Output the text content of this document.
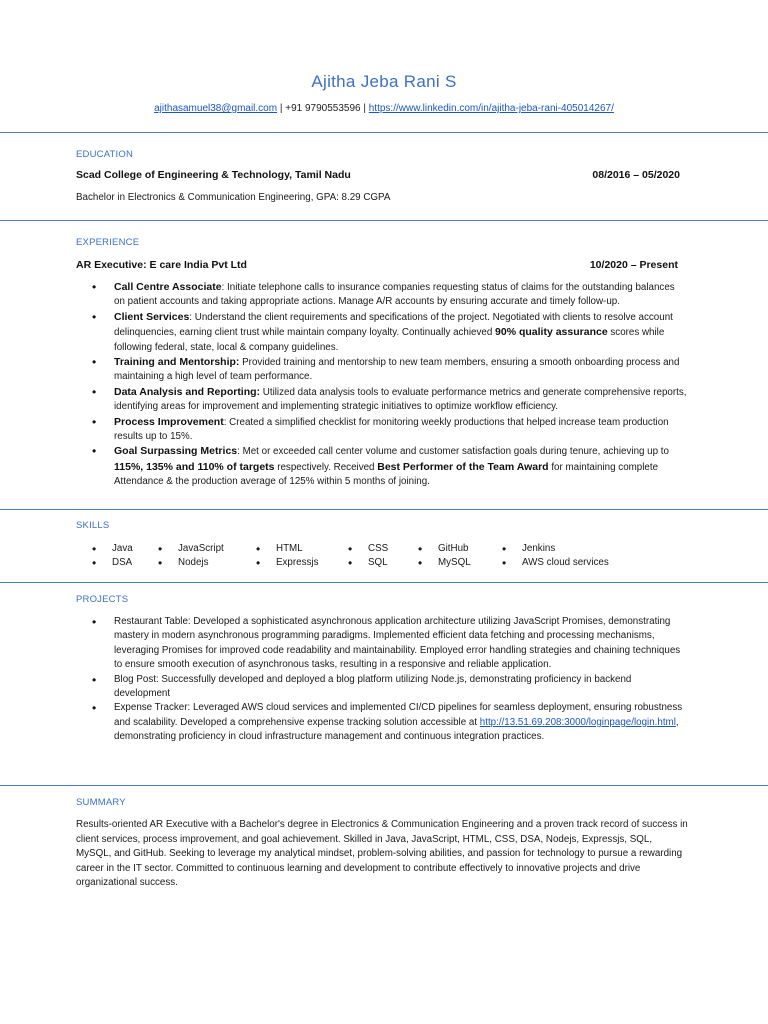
Ajitha Jeba Rani S
ajithasamuel38@gmail.com | +91 9790553596 | https://www.linkedin.com/in/ajitha-jeba-rani-405014267/
EDUCATION
Scad College of Engineering & Technology, Tamil Nadu	08/2016 – 05/2020
Bachelor in Electronics & Communication Engineering, GPA: 8.29 CGPA
EXPERIENCE
AR Executive: E care India Pvt Ltd	10/2020 – Present
• Call Centre Associate: Initiate telephone calls to insurance companies requesting status of claims for the outstanding balances on patient accounts and taking appropriate actions. Manage A/R accounts by ensuring accurate and timely follow-up.
• Client Services: Understand the client requirements and specifications of the project. Negotiated with clients to resolve account delinquencies, earning client trust while maintain company loyalty. Continually achieved 90% quality assurance scores while following federal, state, local & company guidelines.
• Training and Mentorship: Provided training and mentorship to new team members, ensuring a smooth onboarding process and maintaining a high level of team performance.
• Data Analysis and Reporting: Utilized data analysis tools to evaluate performance metrics and generate comprehensive reports, identifying areas for improvement and implementing strategic initiatives to optimize workflow efficiency.
• Process Improvement: Created a simplified checklist for monitoring weekly productions that helped increase team production results up to 15%.
• Goal Surpassing Metrics: Met or exceeded call center volume and customer satisfaction goals during tenure, achieving up to 115%, 135% and 110% of targets respectively. Received Best Performer of the Team Award for maintaining complete Attendance & the production average of 125% within 5 months of joining.
SKILLS
• Java • JavaScript	• HTML	• CSS • GitHub	• Jenkins
• DSA • Nodejs	• Expressjs • SQL	• MySQL	• AWS cloud services
PROJECTS
• Restaurant Table: Developed a sophisticated asynchronous application architecture utilizing JavaScript Promises, demonstrating mastery in modern asynchronous programming paradigms. Implemented efficient data fetching and processing mechanisms, leveraging Promises for improved code readability and maintainability. Employed error handling strategies and chaining techniques to ensure smooth execution of asynchronous tasks, resulting in a responsive and reliable application.
• Blog Post: Successfully developed and deployed a blog platform utilizing Node.js, demonstrating proficiency in backend development
• Expense Tracker: Leveraged AWS cloud services and implemented CI/CD pipelines for seamless deployment, ensuring robustness and scalability. Developed a comprehensive expense tracking solution accessible at http://13.51.69.208:3000/loginpage/login.html, demonstrating proficiency in cloud infrastructure management and continuous integration practices.
SUMMARY
Results-oriented AR Executive with a Bachelor's degree in Electronics & Communication Engineering and a proven track record of success in client services, process improvement, and goal achievement. Skilled in Java, JavaScript, HTML, CSS, DSA, Nodejs, Expressjs, SQL, MySQL, and GitHub. Seeking to leverage my analytical mindset, problem-solving abilities, and passion for technology to pursue a rewarding career in the IT sector. Committed to continuous learning and development to contribute effectively to innovative projects and drive organizational success.
